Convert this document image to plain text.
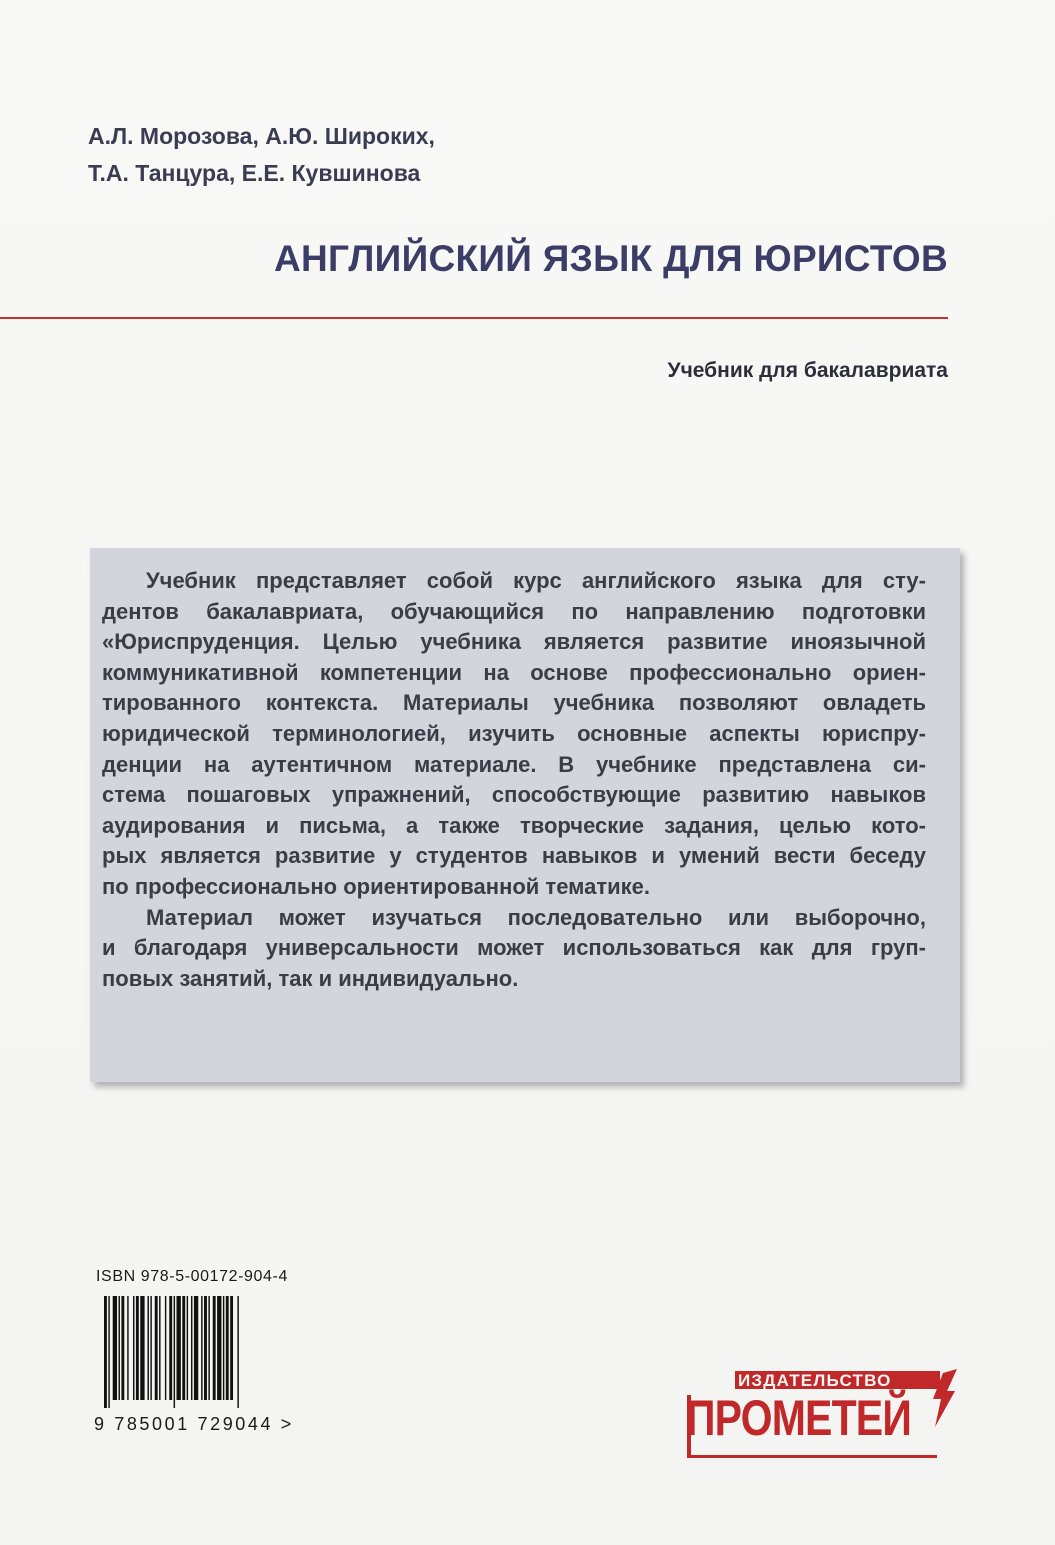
А.Л. Морозова, А.Ю. Широких,
Т.А. Танцура, Е.Е. Кувшинова
АНГЛИЙСКИЙ ЯЗЫК ДЛЯ ЮРИСТОВ
Учебник для бакалавриата
Учебник представляет собой курс английского языка для сту-
дентов бакалавриата, обучающийся по направлению подготовки
«Юриспруденция. Целью учебника является развитие иноязычной
коммуникативной компетенции на основе профессионально ориен-
тированного контекста. Материалы учебника позволяют овладеть
юридической терминологией, изучить основные аспекты юриспру-
денции на аутентичном материале. В учебнике представлена си-
стема пошаговых упражнений, способствующие развитию навыков
аудирования и письма, а также творческие задания, целью кото-
рых является развитие у студентов навыков и умений вести беседу
по профессионально ориентированной тематике.
Материал может изучаться последовательно или выборочно,
и благодаря универсальности может использоваться как для груп-
повых занятий, так и индивидуально.
ISBN 978-5-00172-904-4
9 785001 729044 >
ИЗДАТЕЛЬСТВО
ПРОМЕТЕЙ
